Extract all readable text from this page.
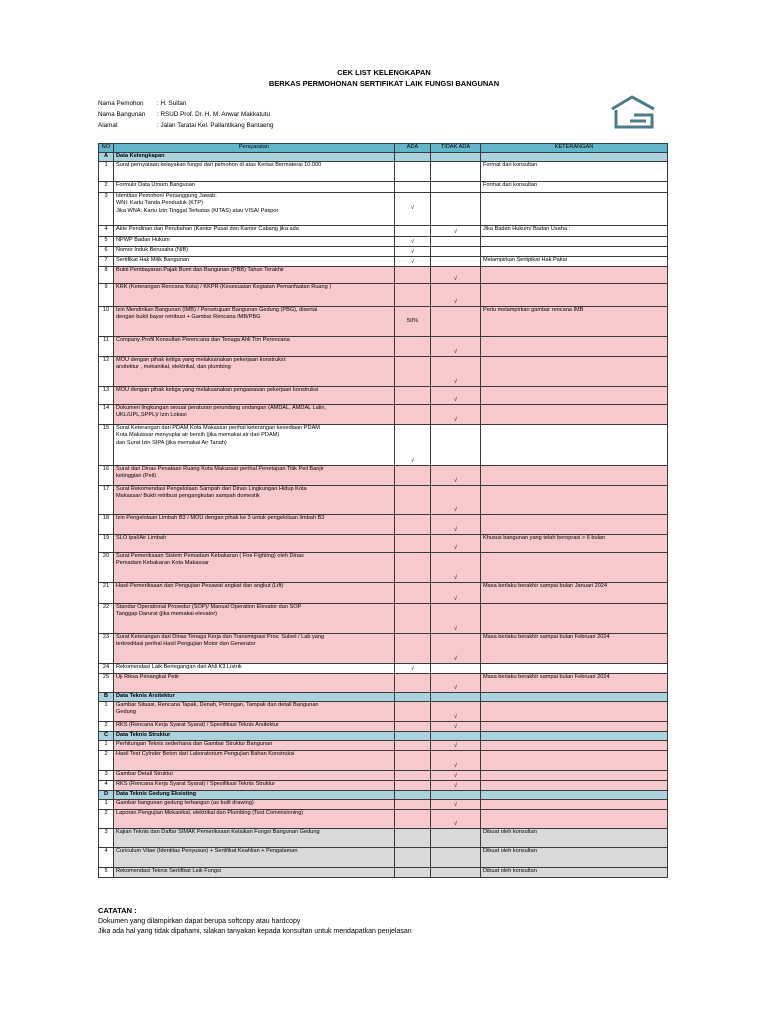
CEK LIST KELENGKAPAN
BERKAS PERMOHONAN SERTIFIKAT LAIK FUNGSI BANGUNAN
Nama Pemohon : H. Sultan
Nama Bangunan : RSUD Prof. Dr. H. M. Anwar Makkatutu
Alamat	: Jalan Taratai Kel. Pallantikang Bantaeng
NO	Persyaratan	ADA	TIDAK ADA	KETERANGAN
A	Data Kelengkapan			
1	Surat pernyataan kelayakan fungsi dari pemohon di atas Kertas Bermaterai 10.000			Format dari konsultan
2	Formulir Data Umum Bangunan			Format dari konsultan
3	Identitas Pemohon/ Penanggung Jawab:
WNI: Kartu Tanda Penduduk (KTP)
Jika WNA: Kartu Izin Tinggal Terbatas (KITAS) atau VISA/ Paspor	√		
4	Akte Pendirian dan Perubahan (Kantor Pusat dan Kantor Cabang jika ada		√	Jika Badan Hukum/ Badan Usaha :
5	NPWP Badan Hukum	√		
6	Nomor Induk Berusaha (NIB)	√		
7	Sertifikat Hak Milik Bangunan	√		Melampirkan Sertipikat Hak Pakai
8	Bukti Pembayaran Pajak Bumi dan Bangunan (PBB) Tahun Terakhir		√	
9	KRK (Keterangan Rencana Kota) / KKPR (Kesesuaian Kegiatan Pemanfaatan Ruang )		√	
10	Izin Mendirikan Bangunan (IMB) / Persetujuan Bangunan Gedung (PBG), disertai
dengan bukti bayar retribusi + Gambar Rencana IMB/PBG	50%		Perlu melampirkan gambar rencana IMB
11	Company Profil Konsultan Perencana dan Tenaga Ahli Tim Perencana		√	
12	MOU dengan pihak ketiga yang melaksanakan pekerjaan konstruksi:
arsitektur , mekanikal, elektrikal, dan plumbing		√	
13	MOU dengan pihak ketiga yang melaksanakan pengawasan pekerjaan konstruksi		√	
14	Dokumen lingkungan sesuai peraturan perundang undangan (AMDAL, AMDAL Lalin,
UKL/UPL,SPPL)/ Izin Lokasi		√	
15	Surat Keterangan dari PDAM Kota Makassar perihal keterangan kesediaan PDAM
Kota Makassar menyuplai air bersih (jika memakai air dari PDAM)
dan Surat Izin SIPA (jika memakai Air Tanah)	√		
16	Surat dari Dinas Penataan Ruang Kota Makassar perihal Penetapan Titik Peil Banjir
ketinggian (Peil)		√	
17	Surat Rekomendasi Pengelolaan Sampah dari Dinas Lingkungan Hidup Kota
Makassar/ Bukti retribusi pengangkutan sampah domestik		√	
18	Izin Pengelolaan Limbah B3 / MOU dengan pihak ke 3 untuk pengelolaan limbah B3		√	
19	SLO Ipal/Air Limbah		√	Khusus bangunan yang telah beroprasi > 6 bulan
20	Surat Pemeriksaan Sistem Pemadam Kebakaran ( Fire Fighting) oleh Dinas
Pemadam Kebakaran Kota Makassar		√	
21	Hasil Pemeriksaan dan Pengujian Pesawat angkat dan angkut (Lift)		√	Masa berlaku berakhir sampai bulan Januari 2024
22	Standar Operational Prosedur (SOP)/ Manual Operation Elevator dan SOP
Tanggap Darurat (jika memakai elevator)		√	
23	Surat Keterangan dari Dinas Tenaga Kerja dan Transmigrasi Prov. Sulsel / Lab yang
terkreditasi perihal Hasil Pengujian Motor dan Generator		√	Masa berlaku berakhir sampai bulan Februari 2024
24	Rekomendasi Laik Bertegangan dari Ahli K3 Listrik	√		
25	Uji Riksa Penangkal Petir		√	Masa berlaku berakhir sampai bulan Februari 2024
B	Data Teknis Arsitektur			
1	Gambar Situasi, Rencana Tapak, Denah, Potongan, Tampak dan detail Bangunan
Gedung		√	
2	RKS (Rencana Kerja Syarat Syarat) / Spesifikasi Teknis Arsitektur		√	
C	Data Teknis Struktur			
1	Perhitungan Teknis sederhana dan Gambar Struktur Bangunan		√	
2	Hasil Test Cylnder Beton dari Laboratorium Pengujian Bahan Konstruksi		√	
3	Gambar Detail Struktur		√	
4	RKS (Rencana Kerja Syarat Syarat) / Spesifikasi Teknis Struktur		√	
D	Data Teknis Gedung Eksisting			
1	Gambar bangunan gedung terbangun (as built drawing)		√	
2	Laporan Pengujian Mekanikal, elektrikal dan Plumbing (Test Commisioning)		√	
3	Kajian Teknis dan Daftar SIMAK Pemeriksaan Kelaikan Fungsi Bangunan Gedung			Dibuat oleh konsultan
4	Curiculum Vitae (Identitas Penyusun) + Sertifikat Keahlian + Pengalaman			Dibuat oleh konsultan
5	Rekomendasi Teknis Sertifikat Laik Fungsi			Dibuat oleh konsultan
CATATAN :
Dokumen yang dilampirkan dapat berupa softcopy atau hardcopy
Jika ada hal yang tidak dipahami, silakan tanyakan kepada konsultan untuk mendapatkan penjelasan
